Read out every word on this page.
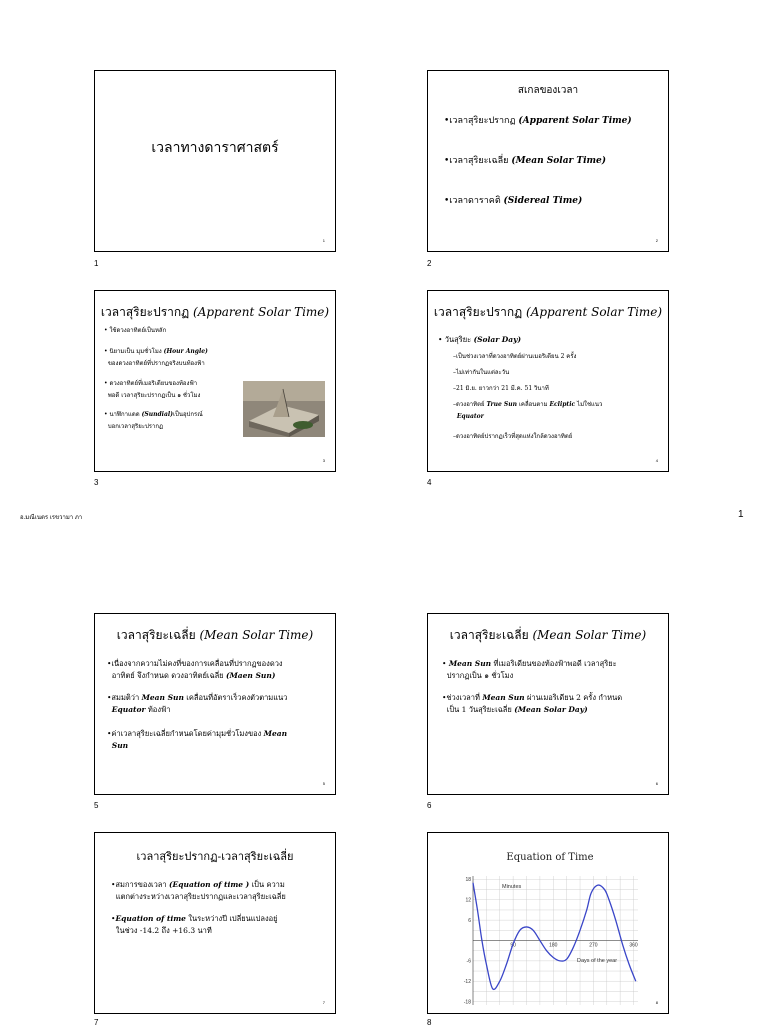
เวลาทางดาราศาสตร์
1
1
สเกลของเวลา
•เวลาสุริยะปรากฏ (Apparent Solar Time)
•เวลาสุริยะเฉลี่ย (Mean Solar Time)
•เวลาดาราคติ (Sidereal Time)
2
2
เวลาสุริยะปรากฏ (Apparent Solar Time)
• ใช้ดวงอาทิตย์เป็นหลัก
• นิยามเป็น มุมชั่วโมง (Hour Angle)
ของดวงอาทิตย์ที่ปรากฏจริงบนท้องฟ้า
• ดวงอาทิตย์ที่เมอริเดียนของท้องฟ้า
พอดี เวลาสุริยะปรากฏเป็น ๑ ชั่วโมง
• นาฬิกาแดด (Sundial)เป็นอุปกรณ์
บอกเวลาสุริยะปรากฏ
3
3
เวลาสุริยะปรากฏ (Apparent Solar Time)
• วันสุริยะ (Solar Day)
–เป็นช่วงเวลาที่ดวงอาทิตย์ผ่านเมอริเดียน 2 ครั้ง
–ไม่เท่ากันในแต่ละวัน
–21 มิ.ย. ยาวกว่า 21 มี.ค. 51 วินาที
–ดวงอาทิตย์ True Sun เคลื่อนตาม Ecliptic ไม่ใช่แนว
Equator
–ดวงอาทิตย์ปรากฏเร็วที่สุดแห่งใกล้ดวงอาทิตย์
4
4
อ.มณีเนตร เรขวามา ภา	1
เวลาสุริยะเฉลี่ย (Mean Solar Time)
•เนื่องจากความไม่คงที่ของการเคลื่อนที่ปรากฏของดวง
อาทิตย์ จึงกำหนด ดวงอาทิตย์เฉลี่ย (Maen Sun)
•สมมติว่า Mean Sun เคลื่อนที่อัตราเร็วคงตัวตามแนว
Equator ท้องฟ้า
•ค่าเวลาสุริยะเฉลี่ยกำหนดโดยค่ามุมชั่วโมงของ Mean
Sun
5
5
เวลาสุริยะเฉลี่ย (Mean Solar Time)
• Mean Sun ที่เมอริเดียนของท้องฟ้าพอดี เวลาสุริยะ
ปรากฏเป็น ๑ ชั่วโมง
•ช่วงเวลาที่ Mean Sun ผ่านเมอริเดียน 2 ครั้ง กำหนด
เป็น 1 วันสุริยะเฉลี่ย (Mean Solar Day)
6
6
เวลาสุริยะปรากฏ-เวลาสุริยะเฉลี่ย
•สมการของเวลา (Equation of time ) เป็น ความ
แตกต่างระหว่างเวลาสุริยะปรากฏและเวลาสุริยะเฉลี่ย
•Equation of time ในระหว่างปี เปลี่ยนแปลงอยู่
ในช่วง -14.2 ถึง +16.3 นาที
7
7
Equation of Time
90	180	270	360
18
12
6
-6
-12
-18
Minutes
Days of the year
8
8
